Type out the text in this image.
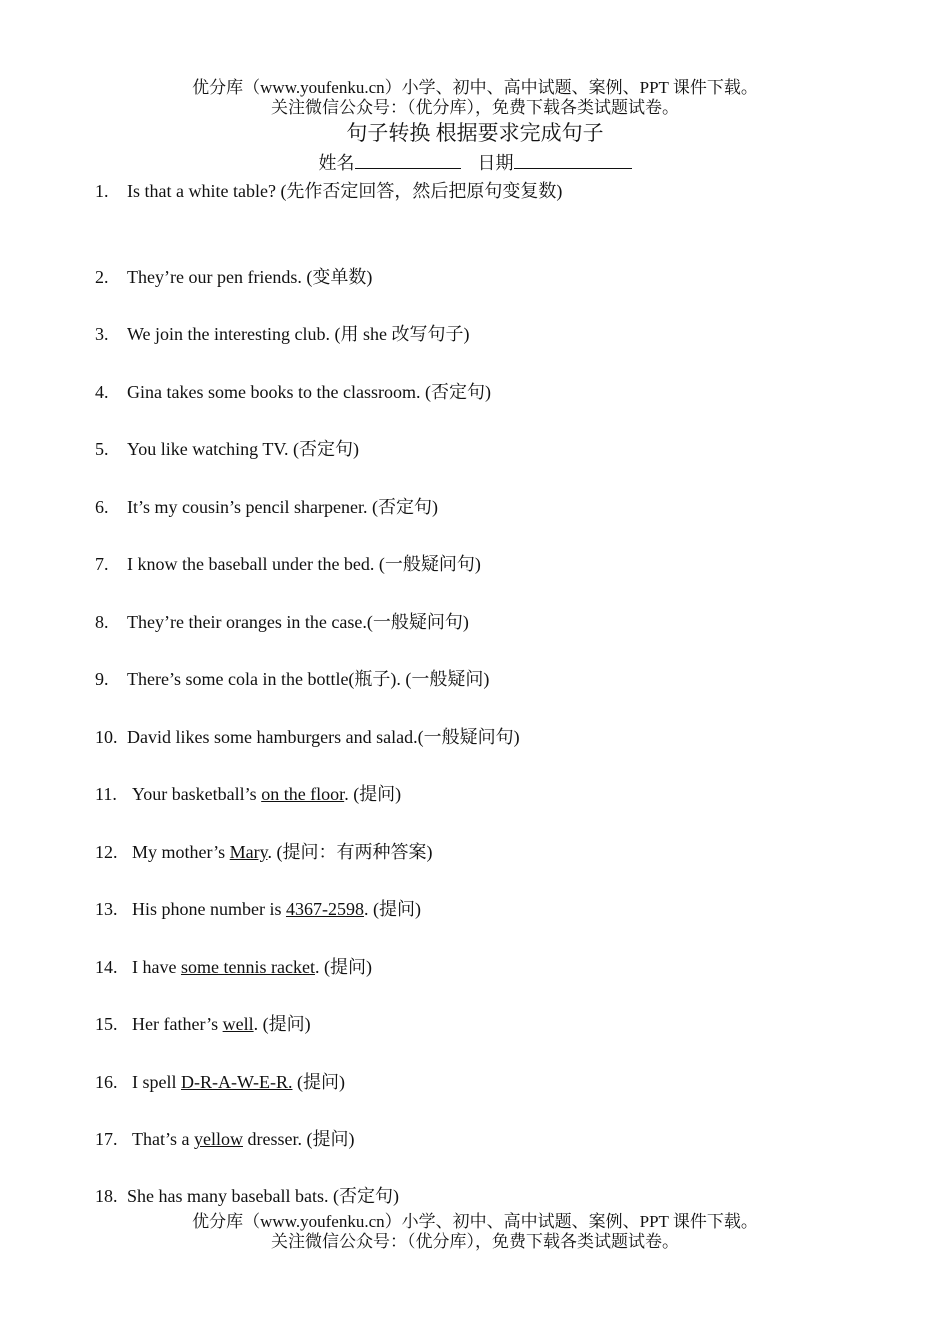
优分库（www.youfenku.cn）小学、初中、高中试题、案例、PPT 课件下载。
关注微信公众号：（优分库），免费下载各类试题试卷。
句子转换 根据要求完成句子
姓名	日期
1. Is that a white table? (先作否定回答，然后把原句变复数)
2. They’re our pen friends. (变单数)
3. We join the interesting club. (用 she 改写句子)
4. Gina takes some books to the classroom. (否定句)
5. You like watching TV. (否定句)
6. It’s my cousin’s pencil sharpener. (否定句)
7. I know the baseball under the bed. (一般疑问句)
8. They’re their oranges in the case.(一般疑问句)
9. There’s some cola in the bottle(瓶子). (一般疑问)
10. David likes some hamburgers and salad.(一般疑问句)
11. Your basketball’s on the floor. (提问)
12. My mother’s Mary. (提问：有两种答案)
13. His phone number is 4367-2598. (提问)
14. I have some tennis racket. (提问)
15. Her father’s well. (提问)
16. I spell D-R-A-W-E-R. (提问)
17. That’s a yellow dresser. (提问)
18. She has many baseball bats. (否定句)
优分库（www.youfenku.cn）小学、初中、高中试题、案例、PPT 课件下载。
关注微信公众号：（优分库），免费下载各类试题试卷。
